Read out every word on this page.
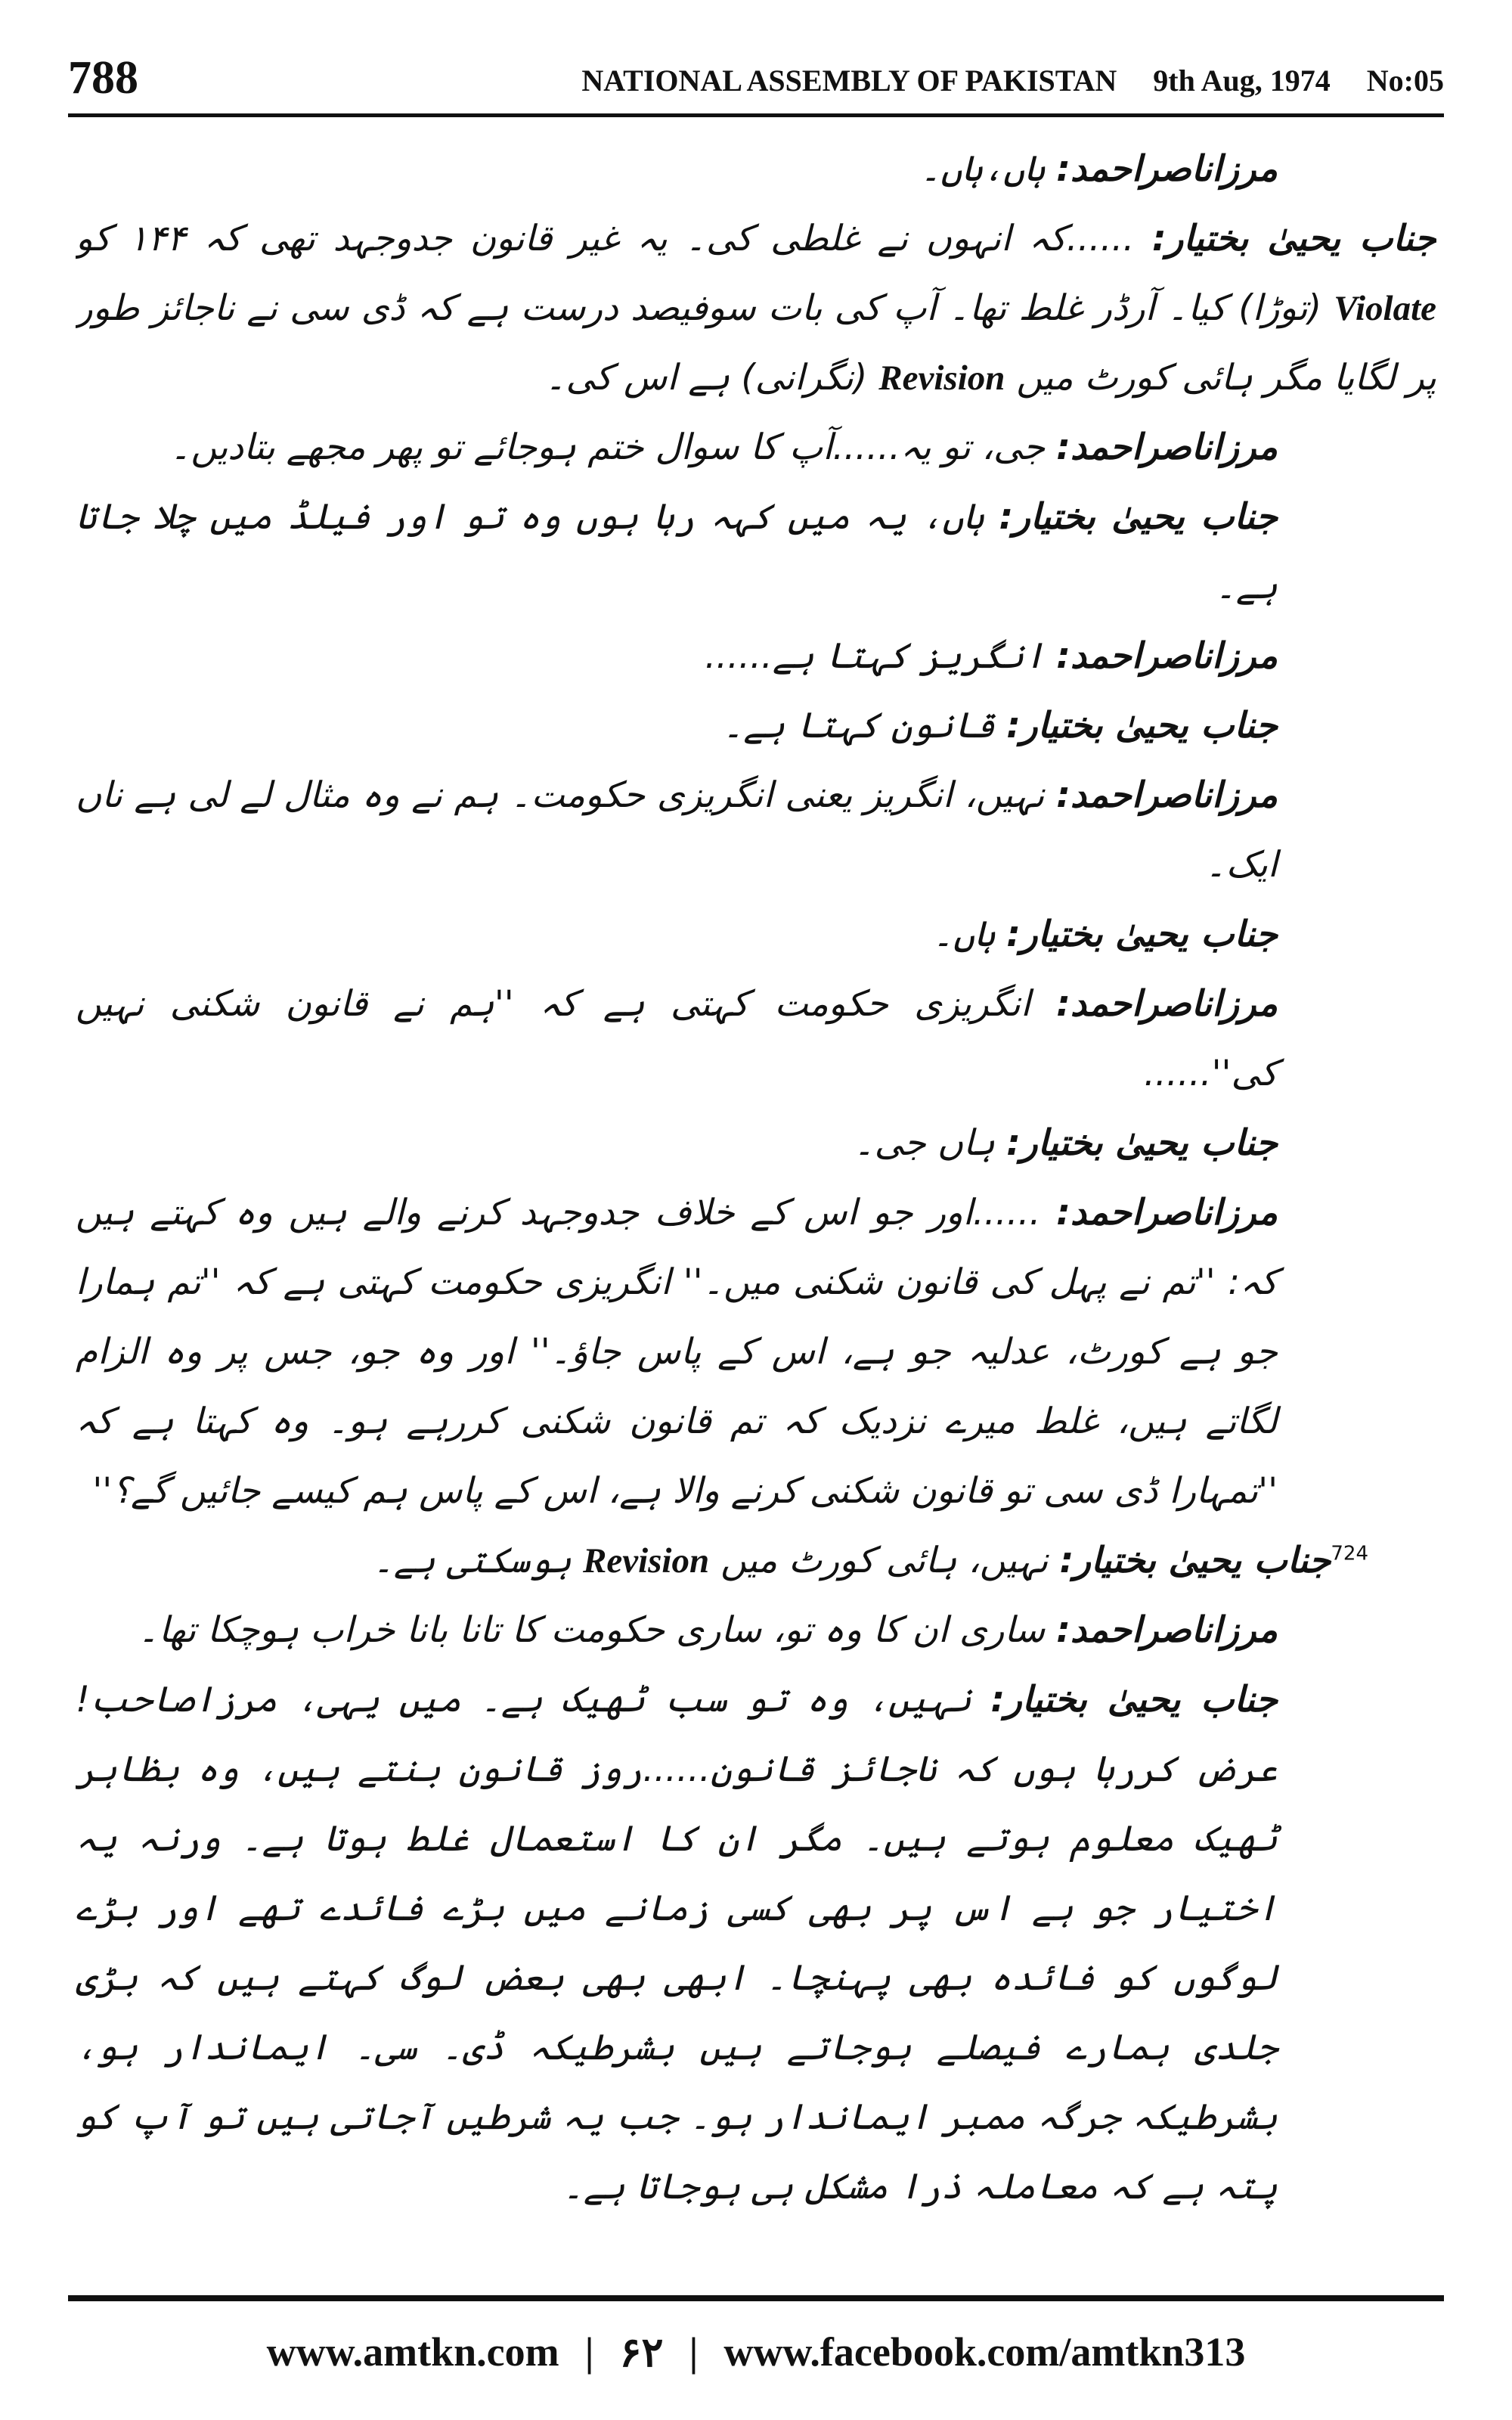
788	NATIONAL ASSEMBLY OF PAKISTAN 9th Aug, 1974 No:05

مرزاناصراحمد: ہاں،ہاں۔

جناب یحییٰ بختیار: ......کہ انہوں نے غلطی کی۔ یہ غیر قانون جدوجہد تھی کہ ۱۴۴ کو Violate (توڑا) کیا۔ آرڈر غلط تھا۔ آپ کی بات سوفیصد درست ہے کہ ڈی سی نے ناجائز طور پر لگایا مگر ہائی کورٹ میں Revision (نگرانی) ہے اس کی۔

مرزاناصراحمد: جی، تو یہ......آپ کا سوال ختم ہوجائے تو پھر مجھے بتادیں۔

جناب یحییٰ بختیار: ہاں، یہ میں کہہ رہا ہوں وہ تو اور فیلڈ میں چلا جاتا ہے۔

مرزاناصراحمد: انگریز کہتا ہے......

جناب یحییٰ بختیار: قانون کہتا ہے۔

مرزاناصراحمد: نہیں، انگریز یعنی انگریزی حکومت۔ ہم نے وہ مثال لے لی ہے ناں ایک۔

جناب یحییٰ بختیار: ہاں۔

مرزاناصراحمد: انگریزی حکومت کہتی ہے کہ ''ہم نے قانون شکنی نہیں کی''......

جناب یحییٰ بختیار: ہاں جی۔

مرزاناصراحمد: ......اور جو اس کے خلاف جدوجہد کرنے والے ہیں وہ کہتے ہیں کہ: ''تم نے پہل کی قانون شکنی میں۔'' انگریزی حکومت کہتی ہے کہ ''تم ہمارا جو ہے کورٹ، عدلیہ جو ہے، اس کے پاس جاؤ۔'' اور وہ جو، جس پر وہ الزام لگاتے ہیں، غلط میرے نزدیک کہ تم قانون شکنی کررہے ہو۔ وہ کہتا ہے کہ ''تمہارا ڈی سی تو قانون شکنی کرنے والا ہے، اس کے پاس ہم کیسے جائیں گے؟''

$^{724}$جناب یحییٰ بختیار: نہیں، ہائی کورٹ میں Revision ہوسکتی ہے۔

مرزاناصراحمد: ساری ان کا وہ تو، ساری حکومت کا تانا بانا خراب ہوچکا تھا۔

جناب یحییٰ بختیار: نہیں، وہ تو سب ٹھیک ہے۔ میں یہی، مرزاصاحب! عرض کررہا ہوں کہ ناجائز قانون......روز قانون بنتے ہیں، وہ بظاہر ٹھیک معلوم ہوتے ہیں۔ مگر ان کا استعمال غلط ہوتا ہے۔ ورنہ یہ اختیار جو ہے اس پر بھی کسی زمانے میں بڑے فائدے تھے اور بڑے لوگوں کو فائدہ بھی پہنچا۔ ابھی بھی بعض لوگ کہتے ہیں کہ بڑی جلدی ہمارے فیصلے ہوجاتے ہیں بشرطیکہ ڈی۔ سی۔ ایماندار ہو، بشرطیکہ جرگہ ممبر ایماندار ہو۔ جب یہ شرطیں آجاتی ہیں تو آپ کو پتہ ہے کہ معاملہ ذرا مشکل ہی ہوجاتا ہے۔

www.amtkn.com | ۶۲ | www.facebook.com/amtkn313
